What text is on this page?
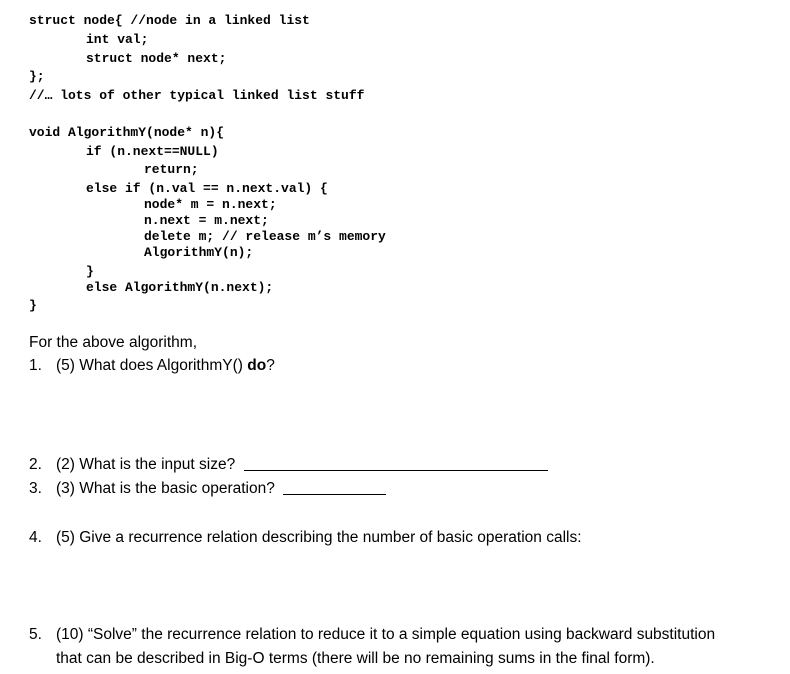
struct node{ //node in a linked list
int val;
struct node* next;
};
//… lots of other typical linked list stuff
void AlgorithmY(node* n){
if (n.next==NULL)
return;
else if (n.val == n.next.val) {
node* m = n.next;
n.next = m.next;
delete m; // release m’s memory
AlgorithmY(n);
}
else AlgorithmY(n.next);
}
For the above algorithm,
1. (5) What does AlgorithmY() do?
2. (2) What is the input size?
3. (3) What is the basic operation?
4. (5) Give a recurrence relation describing the number of basic operation calls:
5. (10) “Solve” the recurrence relation to reduce it to a simple equation using backward substitution
that can be described in Big-O terms (there will be no remaining sums in the final form).
